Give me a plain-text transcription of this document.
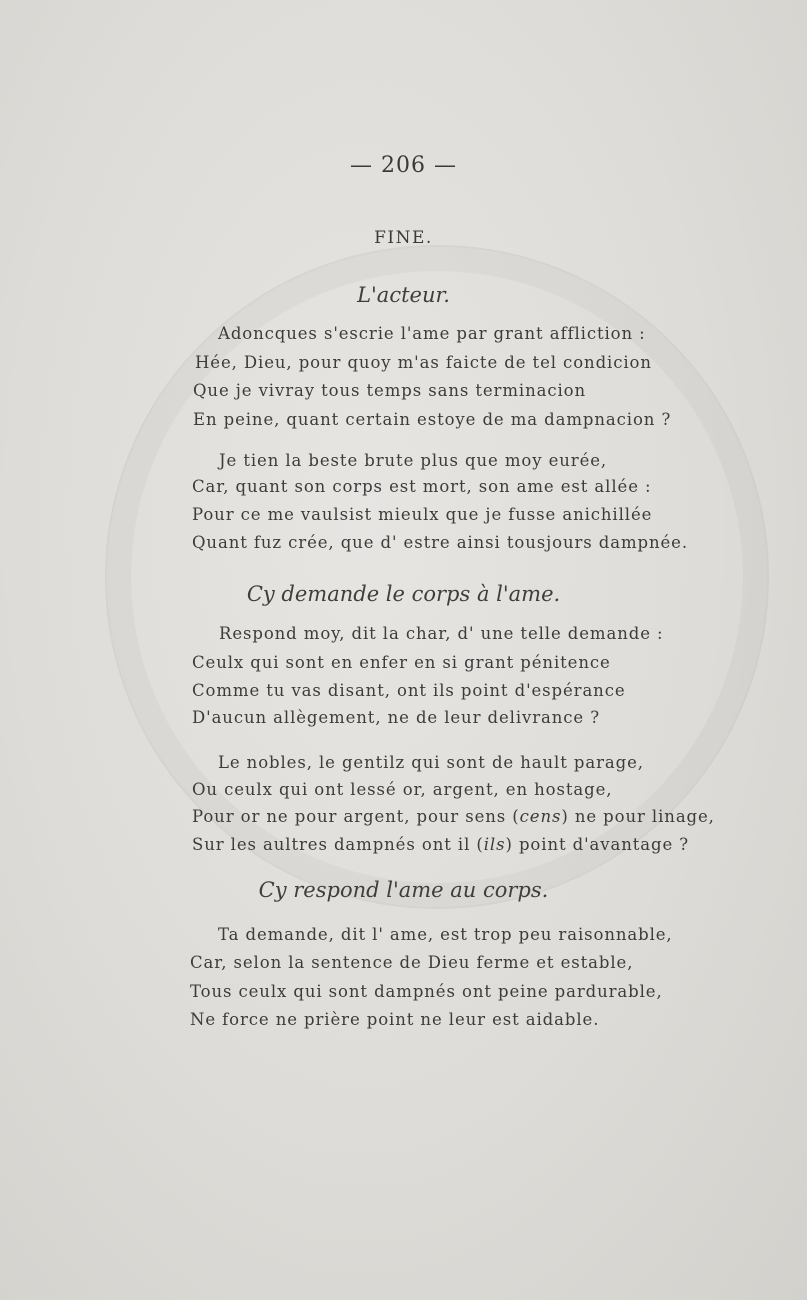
— 206 —
FINE.
L'acteur.
Adoncques s'escrie l'ame par grant affliction :
Hée, Dieu, pour quoy m'as faicte de tel condicion
Que je vivray tous temps sans terminacion
En peine, quant certain estoye de ma dampnacion ?
Je tien la beste brute plus que moy eurée,
Car, quant son corps est mort, son ame est allée :
Pour ce me vaulsist mieulx que je fusse anichillée
Quant fuz crée, que d' estre ainsi tousjours dampnée.
Cy demande le corps à l'ame.
Respond moy, dit la char, d' une telle demande :
Ceulx qui sont en enfer en si grant pénitence
Comme tu vas disant, ont ils point d'espérance
D'aucun allègement, ne de leur delivrance ?
Le nobles, le gentilz qui sont de hault parage,
Ou ceulx qui ont lessé or, argent, en hostage,
Pour or ne pour argent, pour sens (cens) ne pour linage,
Sur les aultres dampnés ont il (ils) point d'avantage ?
Cy respond l'ame au corps.
Ta demande, dit l' ame, est trop peu raisonnable,
Car, selon la sentence de Dieu ferme et estable,
Tous ceulx qui sont dampnés ont peine pardurable,
Ne force ne prière point ne leur est aidable.
